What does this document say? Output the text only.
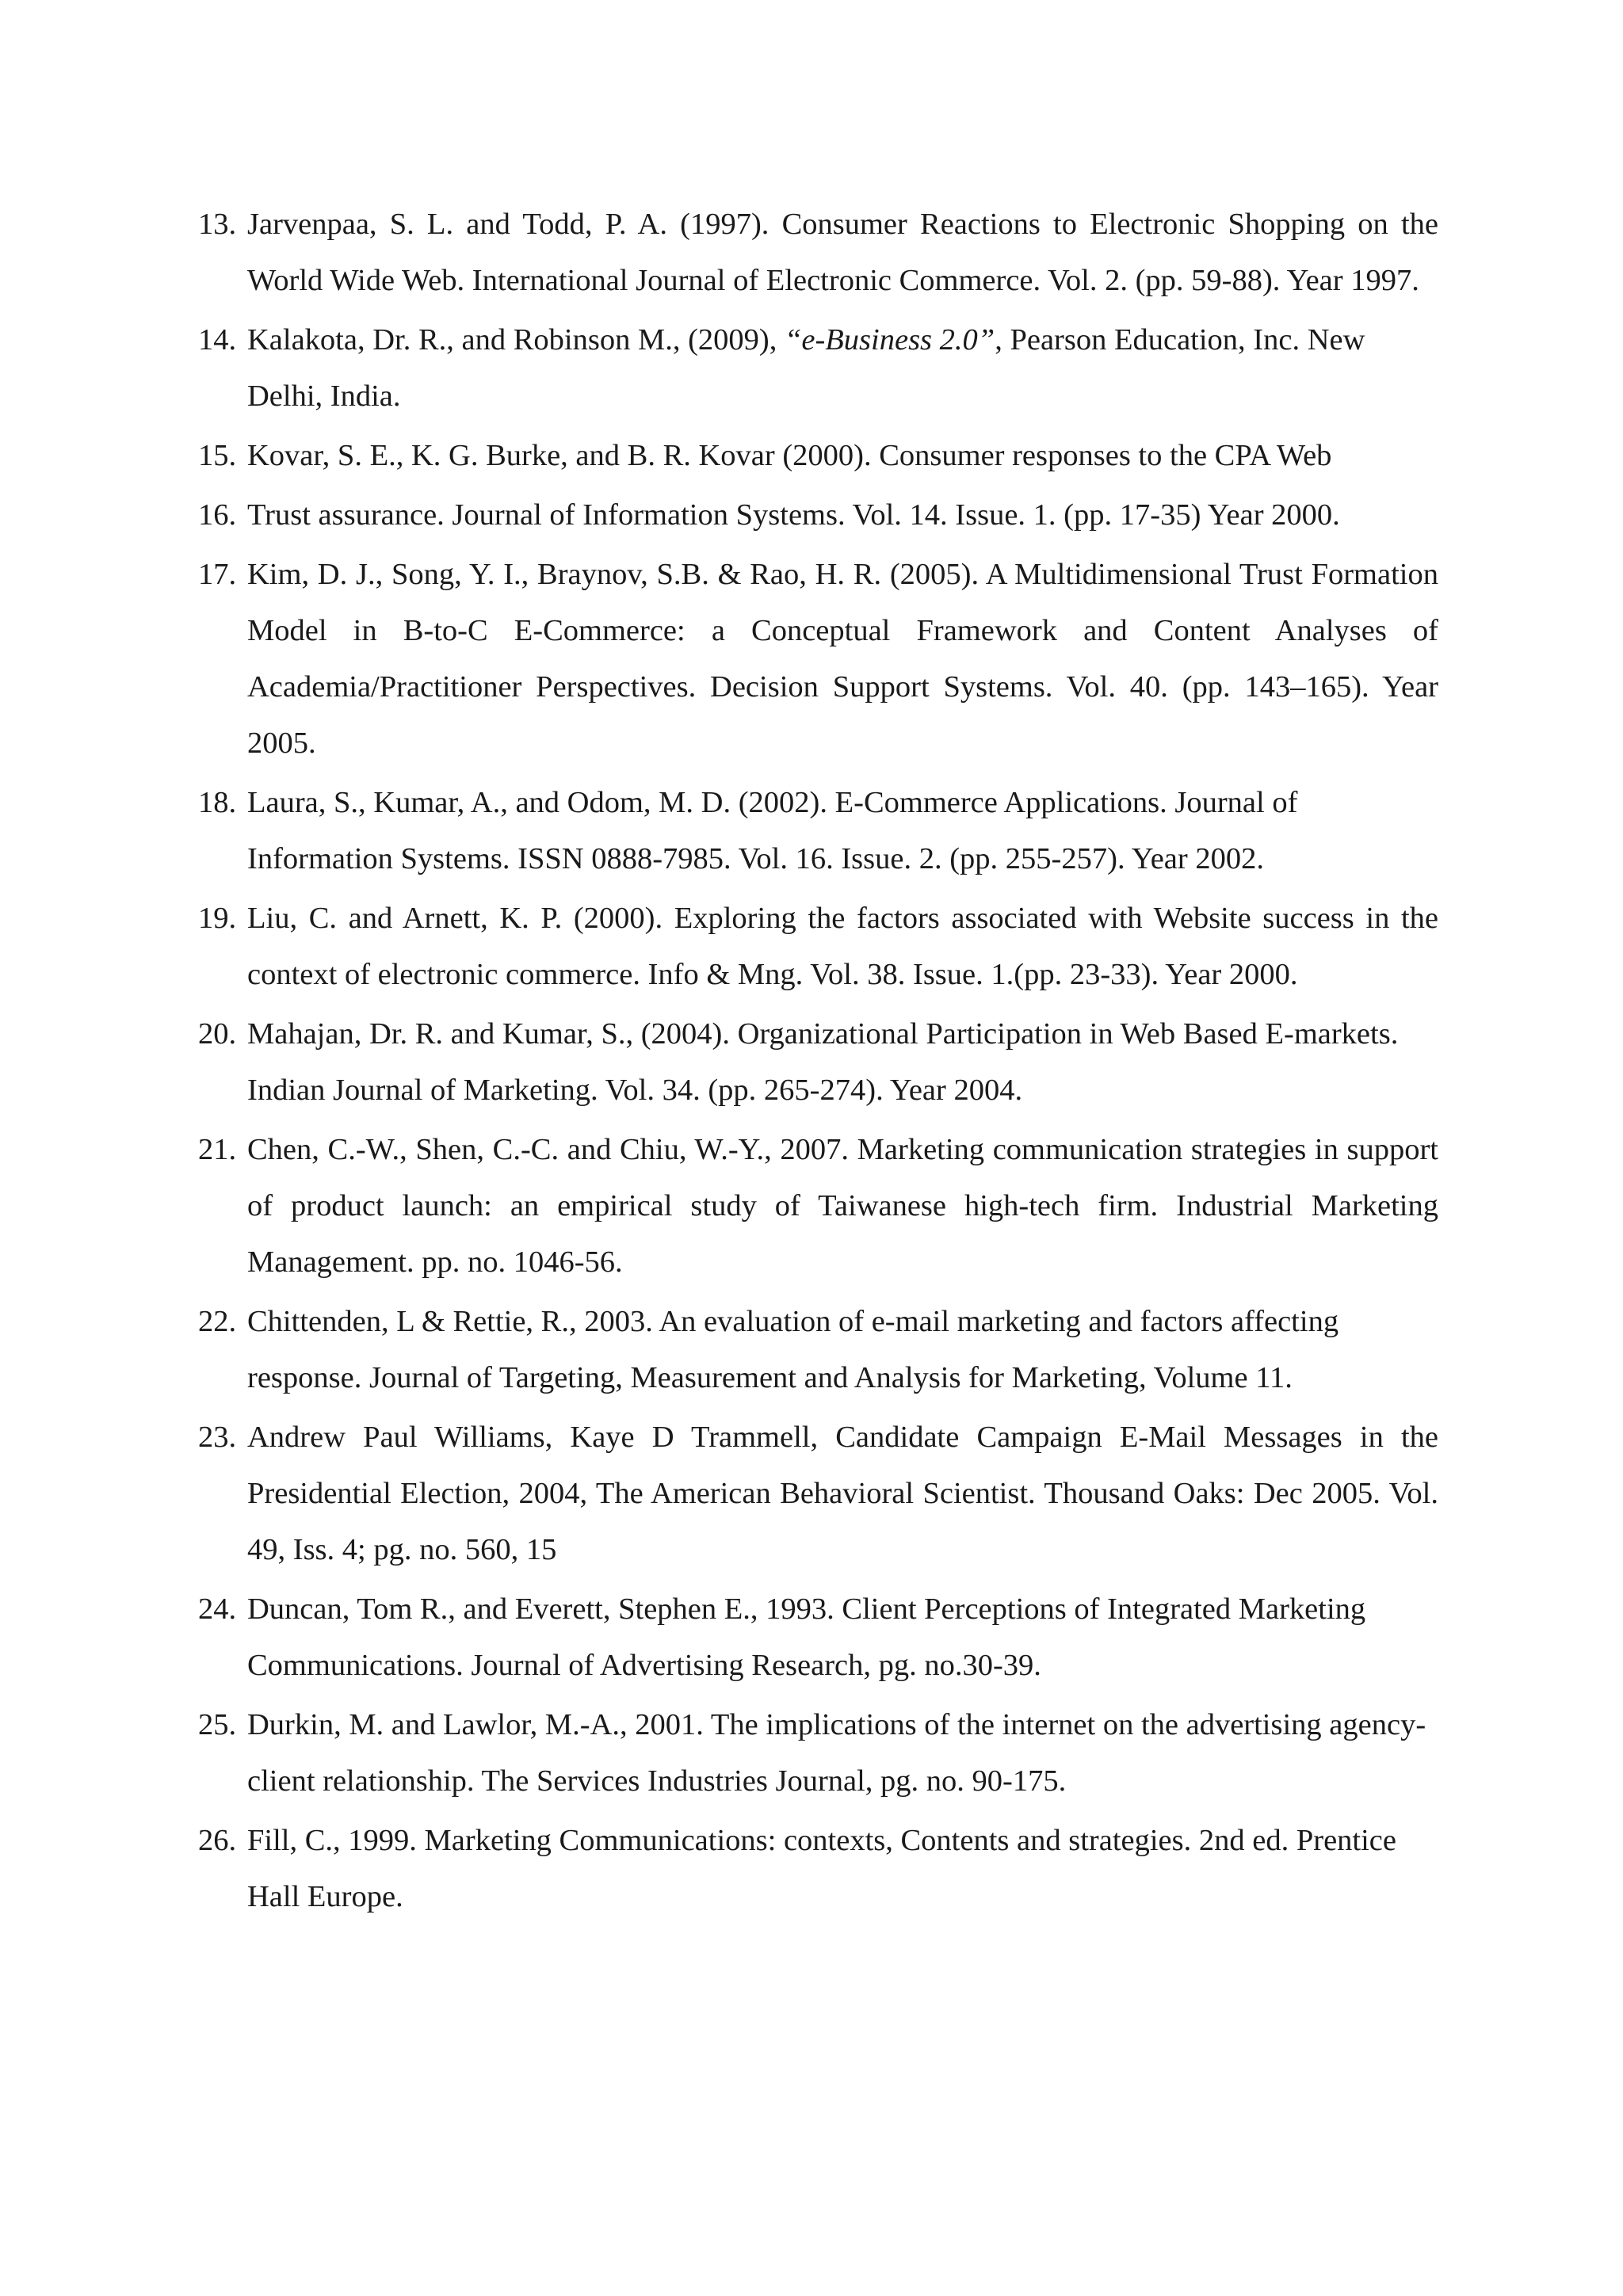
13. Jarvenpaa, S. L. and Todd, P. A. (1997). Consumer Reactions to Electronic Shopping on the World Wide Web. International Journal of Electronic Commerce. Vol. 2. (pp. 59-88). Year 1997.
14. Kalakota, Dr. R., and Robinson M., (2009), “e-Business 2.0”, Pearson Education, Inc. New Delhi, India.
15. Kovar, S. E., K. G. Burke, and B. R. Kovar (2000). Consumer responses to the CPA Web
16. Trust assurance. Journal of Information Systems. Vol. 14. Issue. 1. (pp. 17-35) Year 2000.
17. Kim, D. J., Song, Y. I., Braynov, S.B. & Rao, H. R. (2005). A Multidimensional Trust Formation Model in B-to-C E-Commerce: a Conceptual Framework and Content Analyses of Academia/Practitioner Perspectives. Decision Support Systems. Vol. 40. (pp. 143–165). Year 2005.
18. Laura, S., Kumar, A., and Odom, M. D. (2002). E-Commerce Applications. Journal of Information Systems. ISSN 0888-7985. Vol. 16. Issue. 2. (pp. 255-257). Year 2002.
19. Liu, C. and Arnett, K. P. (2000). Exploring the factors associated with Website success in the context of electronic commerce. Info & Mng. Vol. 38. Issue. 1.(pp. 23-33). Year 2000.
20. Mahajan, Dr. R. and Kumar, S., (2004). Organizational Participation in Web Based E-markets. Indian Journal of Marketing. Vol. 34. (pp. 265-274). Year 2004.
21. Chen, C.-W., Shen, C.-C. and Chiu, W.-Y., 2007. Marketing communication strategies in support of product launch: an empirical study of Taiwanese high-tech firm. Industrial Marketing Management. pp. no. 1046-56.
22. Chittenden, L & Rettie, R., 2003. An evaluation of e-mail marketing and factors affecting response. Journal of Targeting, Measurement and Analysis for Marketing, Volume 11.
23. Andrew Paul Williams, Kaye D Trammell, Candidate Campaign E-Mail Messages in the Presidential Election, 2004, The American Behavioral Scientist. Thousand Oaks: Dec 2005. Vol. 49, Iss. 4; pg. no. 560, 15
24. Duncan, Tom R., and Everett, Stephen E., 1993. Client Perceptions of Integrated Marketing Communications. Journal of Advertising Research, pg. no.30-39.
25. Durkin, M. and Lawlor, M.-A., 2001. The implications of the internet on the advertising agency-client relationship. The Services Industries Journal, pg. no. 90-175.
26. Fill, C., 1999. Marketing Communications: contexts, Contents and strategies. 2nd ed. Prentice Hall Europe.
